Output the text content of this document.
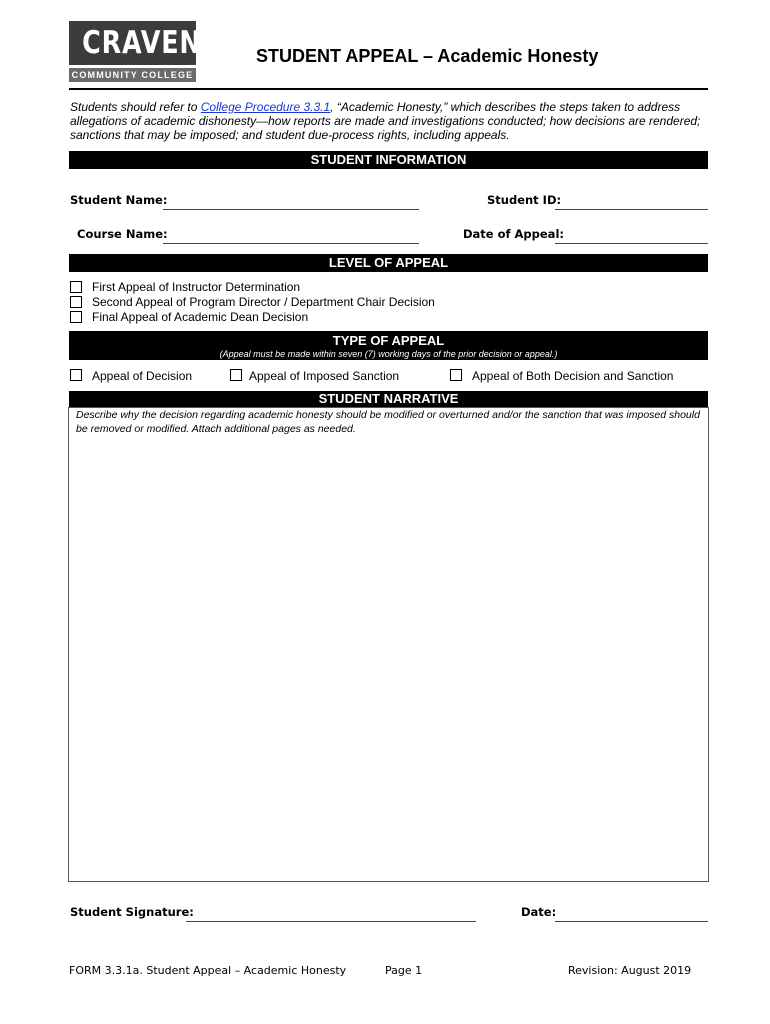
CRAVEN
COMMUNITY COLLEGE
STUDENT APPEAL – Academic Honesty

Students should refer to College Procedure 3.3.1, “Academic Honesty,” which describes the steps taken to address allegations of academic dishonesty—how reports are made and investigations conducted; how decisions are rendered; sanctions that may be imposed; and student due-process rights, including appeals.

STUDENT INFORMATION
Student Name:	Student ID:
Course Name:	Date of Appeal:
LEVEL OF APPEAL
First Appeal of Instructor Determination
Second Appeal of Program Director / Department Chair Decision
Final Appeal of Academic Dean Decision
TYPE OF APPEAL
(Appeal must be made within seven (7) working days of the prior decision or appeal.)
Appeal of Decision	Appeal of Imposed Sanction	Appeal of Both Decision and Sanction
STUDENT NARRATIVE

Describe why the decision regarding academic honesty should be modified or overturned and/or the sanction that was imposed should be removed or modified. Attach additional pages as needed.

Student Signature:	Date:
FORM 3.3.1a. Student Appeal – Academic Honesty	Page 1	Revision: August 2019
